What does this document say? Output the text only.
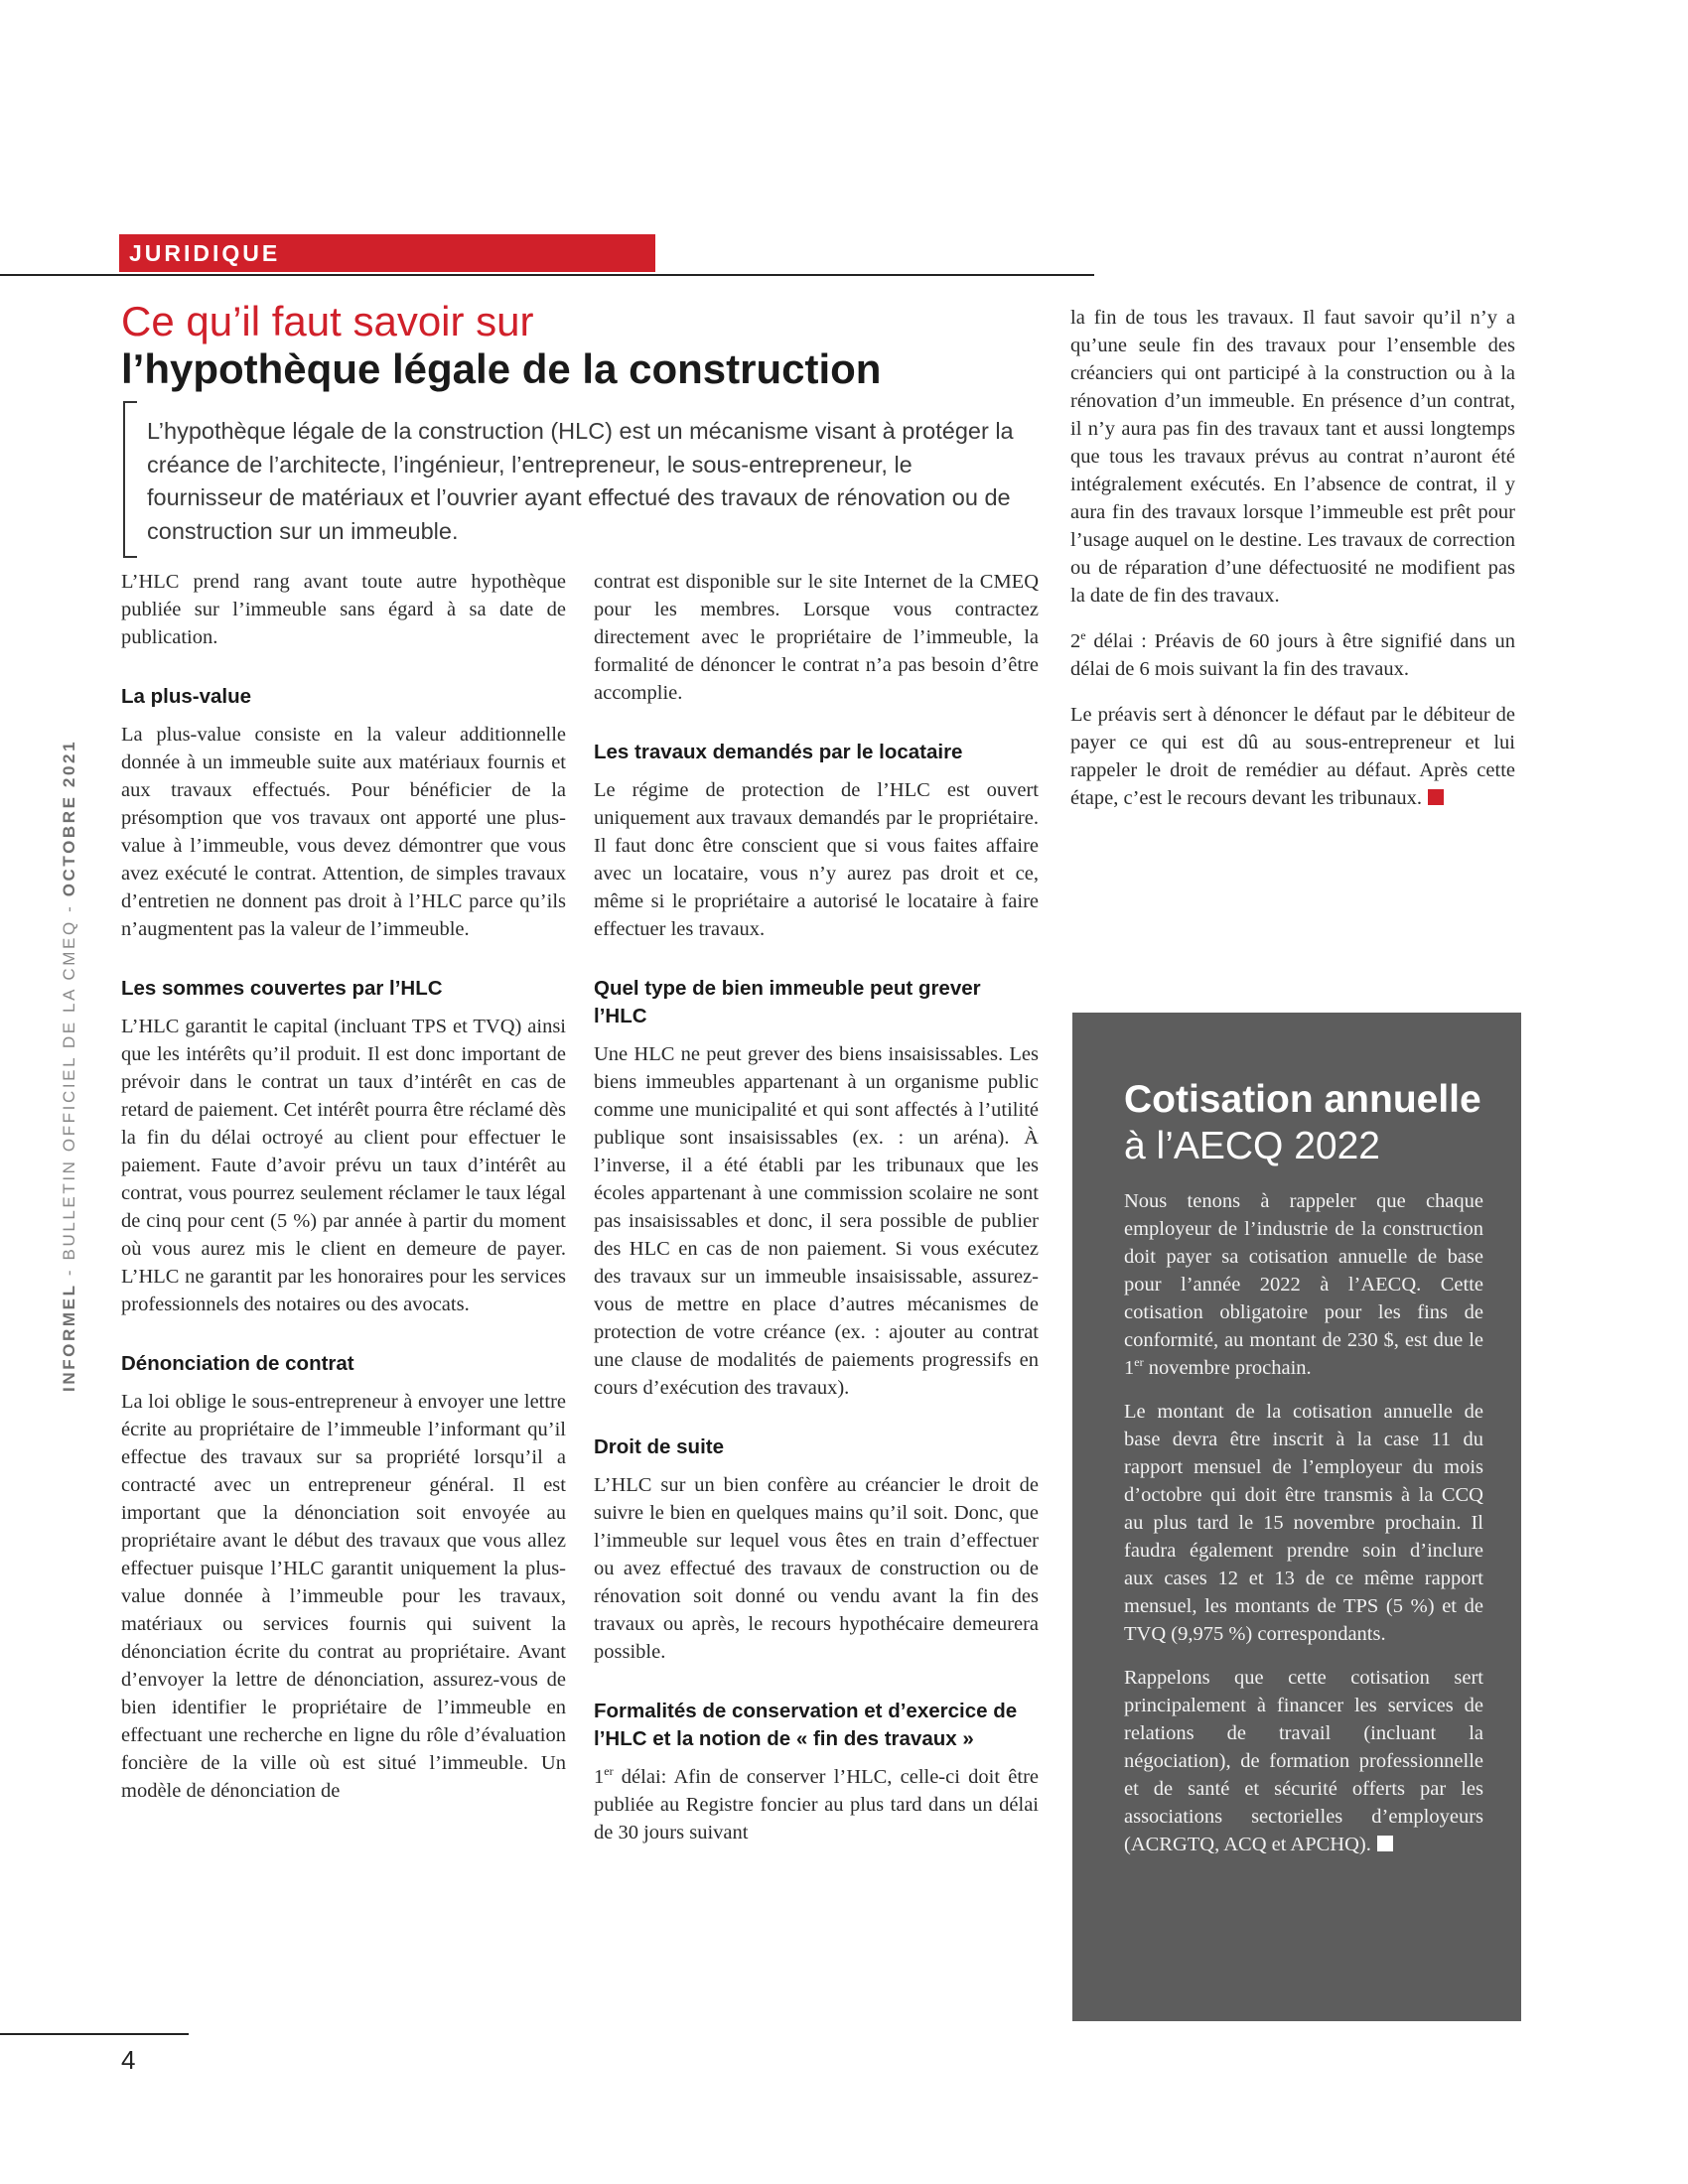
JURIDIQUE
INFORMEL - BULLETIN OFFICIEL DE LA CMEQ - OCTOBRE 2021
Ce qu’il faut savoir sur
l’hypothèque légale de la construction
L’hypothèque légale de la construction (HLC) est un mécanisme visant à protéger la créance de l’architecte, l’ingénieur, l’entrepreneur, le sous-entrepreneur, le fournisseur de matériaux et l’ouvrier ayant effectué des travaux de rénovation ou de construction sur un immeuble.

L’HLC prend rang avant toute autre hypothèque publiée sur l’immeuble sans égard à sa date de publication.

La plus-value

La plus-value consiste en la valeur additionnelle donnée à un immeuble suite aux matériaux fournis et aux travaux effectués. Pour bénéficier de la présomption que vos travaux ont apporté une plus-value à l’immeuble, vous devez démontrer que vous avez exécuté le contrat. Attention, de simples travaux d’entretien ne donnent pas droit à l’HLC parce qu’ils n’augmentent pas la valeur de l’immeuble.

Les sommes couvertes par l’HLC

L’HLC garantit le capital (incluant TPS et TVQ) ainsi que les intérêts qu’il produit. Il est donc important de prévoir dans le contrat un taux d’intérêt en cas de retard de paiement. Cet intérêt pourra être réclamé dès la fin du délai octroyé au client pour effectuer le paiement. Faute d’avoir prévu un taux d’intérêt au contrat, vous pourrez seulement réclamer le taux légal de cinq pour cent (5 %) par année à partir du moment où vous aurez mis le client en demeure de payer. L’HLC ne garantit par les honoraires pour les services professionnels des notaires ou des avocats.

Dénonciation de contrat

La loi oblige le sous-entrepreneur à envoyer une lettre écrite au propriétaire de l’immeuble l’informant qu’il effectue des travaux sur sa propriété lorsqu’il a contracté avec un entrepreneur général. Il est important que la dénonciation soit envoyée au propriétaire avant le début des travaux que vous allez effectuer puisque l’HLC garantit uniquement la plus-value donnée à l’immeuble pour les travaux, matériaux ou services fournis qui suivent la dénonciation écrite du contrat au propriétaire. Avant d’envoyer la lettre de dénonciation, assurez-vous de bien identifier le propriétaire de l’immeuble en effectuant une recherche en ligne du rôle d’évaluation foncière de la ville où est situé l’immeuble. Un modèle de dénonciation de

contrat est disponible sur le site Internet de la CMEQ pour les membres. Lorsque vous contractez directement avec le propriétaire de l’immeuble, la formalité de dénoncer le contrat n’a pas besoin d’être accomplie.

Les travaux demandés par le locataire

Le régime de protection de l’HLC est ouvert uniquement aux travaux demandés par le propriétaire. Il faut donc être conscient que si vous faites affaire avec un locataire, vous n’y aurez pas droit et ce, même si le propriétaire a autorisé le locataire à faire effectuer les travaux.

Quel type de bien immeuble peut grever l’HLC

Une HLC ne peut grever des biens insaisissables. Les biens immeubles appartenant à un organisme public comme une municipalité et qui sont affectés à l’utilité publique sont insaisissables (ex. : un aréna). À l’inverse, il a été établi par les tribunaux que les écoles appartenant à une commission scolaire ne sont pas insaisissables et donc, il sera possible de publier des HLC en cas de non paiement. Si vous exécutez des travaux sur un immeuble insaisissable, assurez-vous de mettre en place d’autres mécanismes de protection de votre créance (ex. : ajouter au contrat une clause de modalités de paiements progressifs en cours d’exécution des travaux).

Droit de suite

L’HLC sur un bien confère au créancier le droit de suivre le bien en quelques mains qu’il soit. Donc, que l’immeuble sur lequel vous êtes en train d’effectuer ou avez effectué des travaux de construction ou de rénovation soit donné ou vendu avant la fin des travaux ou après, le recours hypothécaire demeurera possible.

Formalités de conservation et d’exercice de l’HLC et la notion de « fin des travaux »

1er délai: Afin de conserver l’HLC, celle-ci doit être publiée au Registre foncier au plus tard dans un délai de 30 jours suivant

la fin de tous les travaux. Il faut savoir qu’il n’y a qu’une seule fin des travaux pour l’ensemble des créanciers qui ont participé à la construction ou à la rénovation d’un immeuble. En présence d’un contrat, il n’y aura pas fin des travaux tant et aussi longtemps que tous les travaux prévus au contrat n’auront été intégralement exécutés. En l’absence de contrat, il y aura fin des travaux lorsque l’immeuble est prêt pour l’usage auquel on le destine. Les travaux de correction ou de réparation d’une défectuosité ne modifient pas la date de fin des travaux.

2e délai : Préavis de 60 jours à être signifié dans un délai de 6 mois suivant la fin des travaux.

Le préavis sert à dénoncer le défaut par le débiteur de payer ce qui est dû au sous-entrepreneur et lui rappeler le droit de remédier au défaut. Après cette étape, c’est le recours devant les tribunaux.

Cotisation annuelle
à l’AECQ 2022

Nous tenons à rappeler que chaque employeur de l’industrie de la construction doit payer sa cotisation annuelle de base pour l’année 2022 à l’AECQ. Cette cotisation obligatoire pour les fins de conformité, au montant de 230 $, est due le 1er novembre prochain.

Le montant de la cotisation annuelle de base devra être inscrit à la case 11 du rapport mensuel de l’employeur du mois d’octobre qui doit être transmis à la CCQ au plus tard le 15 novembre prochain. Il faudra également prendre soin d’inclure aux cases 12 et 13 de ce même rapport mensuel, les montants de TPS (5 %) et de TVQ (9,975 %) correspondants.

Rappelons que cette cotisation sert principalement à financer les services de relations de travail (incluant la négociation), de formation professionnelle et de santé et sécurité offerts par les associations sectorielles d’employeurs (ACRGTQ, ACQ et APCHQ).

4
